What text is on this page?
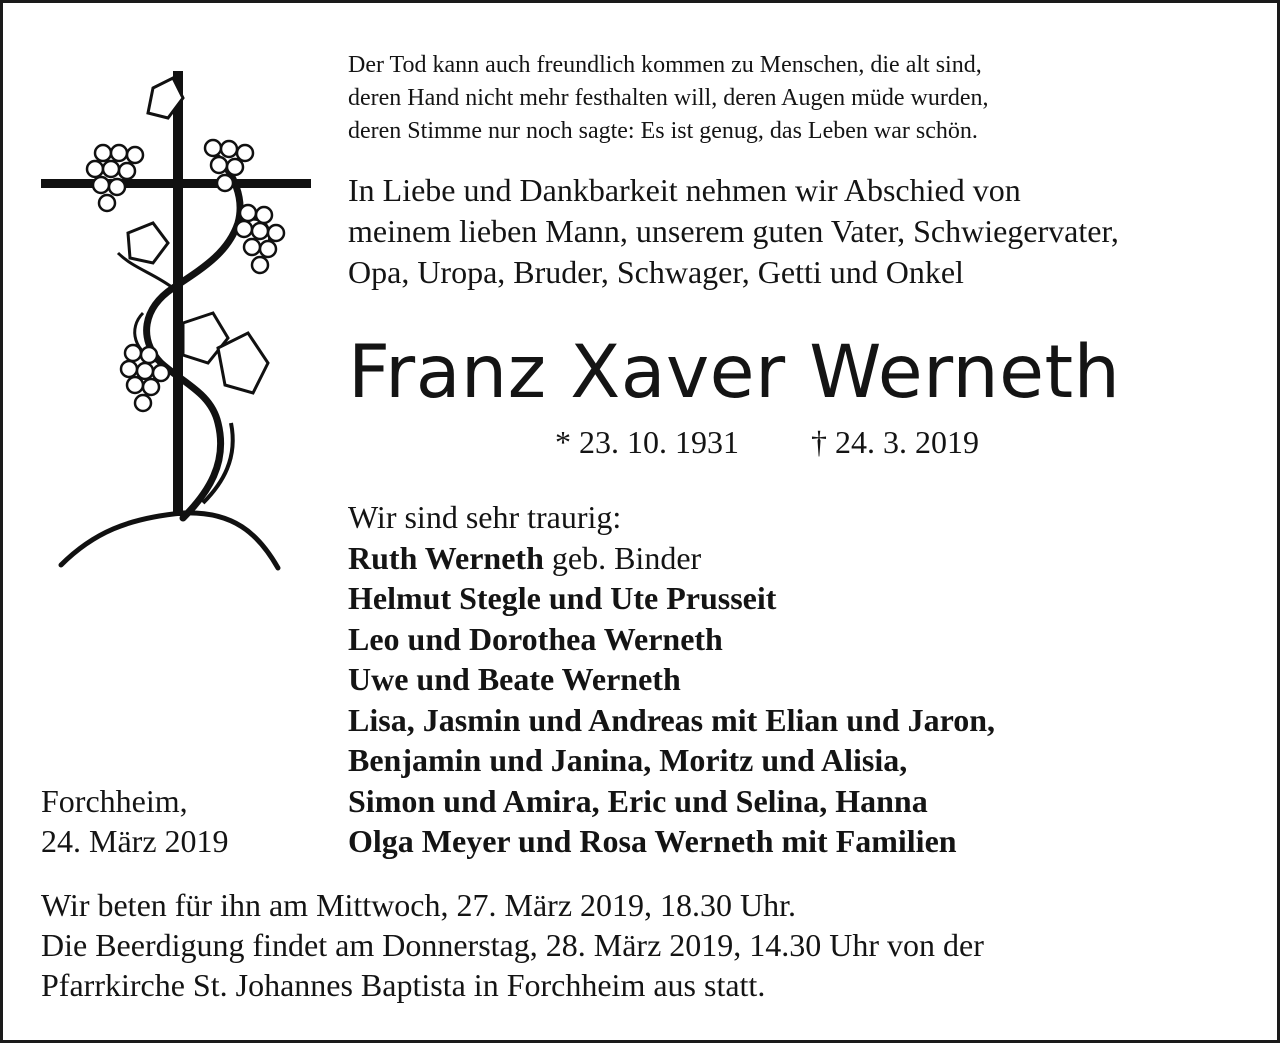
Der Tod kann auch freundlich kommen zu Menschen, die alt sind,
deren Hand nicht mehr festhalten will, deren Augen müde wurden,
deren Stimme nur noch sagte: Es ist genug, das Leben war schön.
In Liebe und Dankbarkeit nehmen wir Abschied von
meinem lieben Mann, unserem guten Vater, Schwiegervater,
Opa, Uropa, Bruder, Schwager, Getti und Onkel
Franz Xaver Werneth
* 23. 10. 1931 † 24. 3. 2019
Wir sind sehr traurig:
Ruth Werneth geb. Binder
Helmut Stegle und Ute Prusseit
Leo und Dorothea Werneth
Uwe und Beate Werneth
Lisa, Jasmin und Andreas mit Elian und Jaron,
Benjamin und Janina, Moritz und Alisia,
Simon und Amira, Eric und Selina, Hanna
Olga Meyer und Rosa Werneth mit Familien
Forchheim,
24. März 2019
Wir beten für ihn am Mittwoch, 27. März 2019, 18.30 Uhr.
Die Beerdigung findet am Donnerstag, 28. März 2019, 14.30 Uhr von der
Pfarrkirche St. Johannes Baptista in Forchheim aus statt.
